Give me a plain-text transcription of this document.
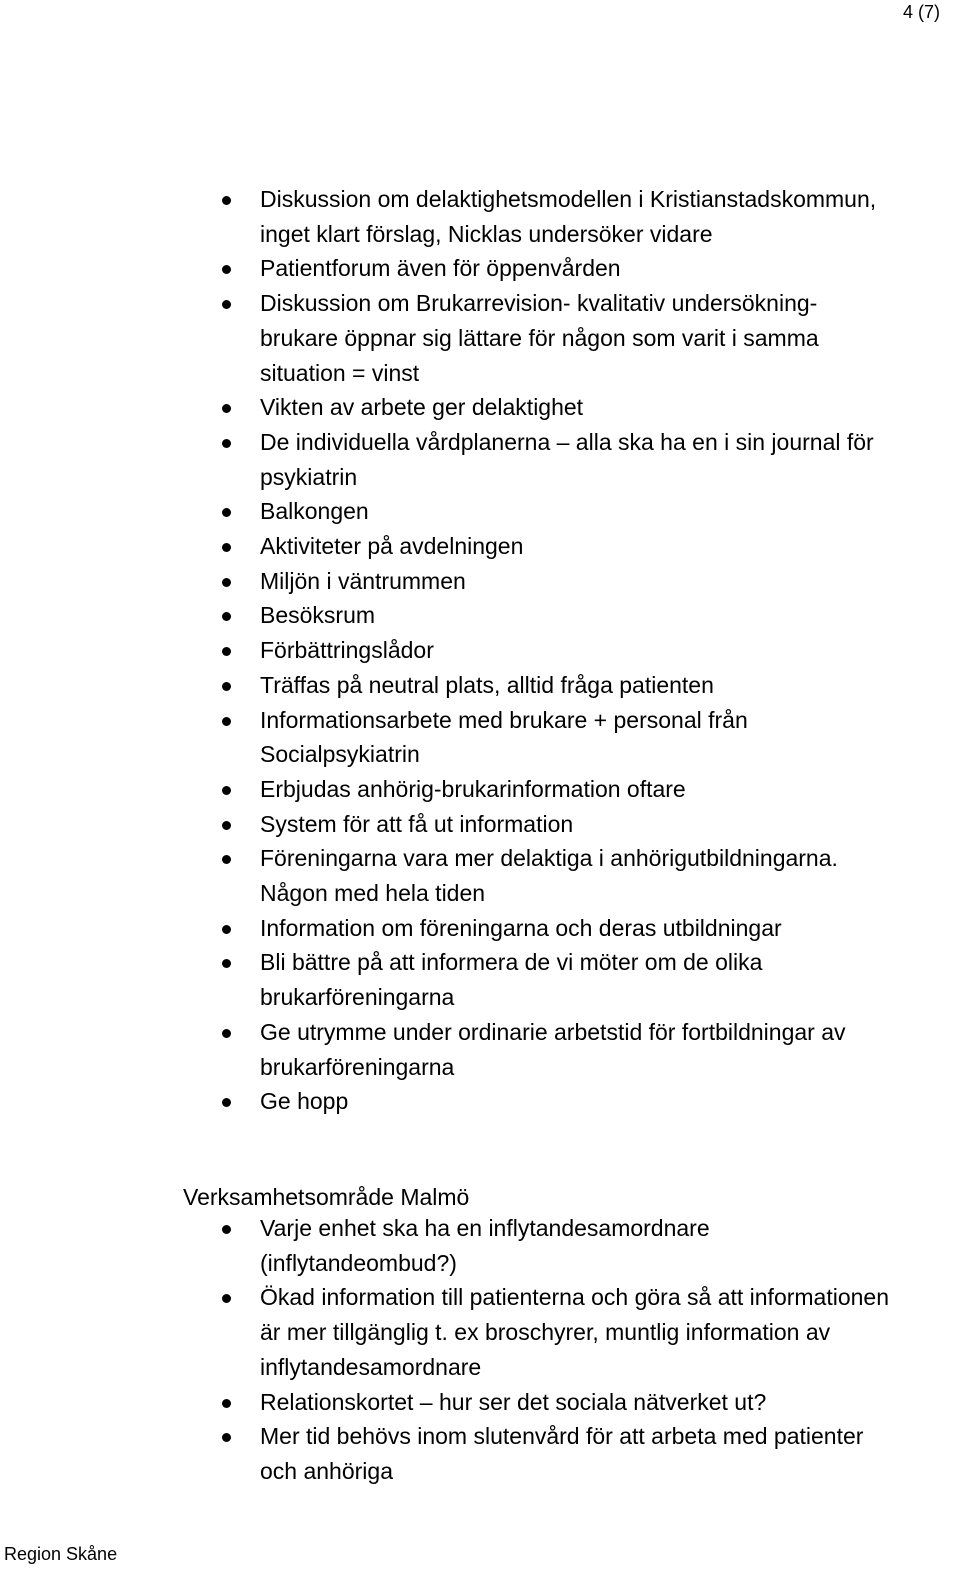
4 (7)
Diskussion om delaktighetsmodellen i Kristianstadskommun,
inget klart förslag, Nicklas undersöker vidare
Patientforum även för öppenvården
Diskussion om Brukarrevision- kvalitativ undersökning-
brukare öppnar sig lättare för någon som varit i samma
situation = vinst
Vikten av arbete ger delaktighet
De individuella vårdplanerna – alla ska ha en i sin journal för
psykiatrin
Balkongen
Aktiviteter på avdelningen
Miljön i väntrummen
Besöksrum
Förbättringslådor
Träffas på neutral plats, alltid fråga patienten
Informationsarbete med brukare + personal från
Socialpsykiatrin
Erbjudas anhörig-brukarinformation oftare
System för att få ut information
Föreningarna vara mer delaktiga i anhörigutbildningarna.
Någon med hela tiden
Information om föreningarna och deras utbildningar
Bli bättre på att informera de vi möter om de olika
brukarföreningarna
Ge utrymme under ordinarie arbetstid för fortbildningar av
brukarföreningarna
Ge hopp
Verksamhetsområde Malmö
Varje enhet ska ha en inflytandesamordnare
(inflytandeombud?)
Ökad information till patienterna och göra så att informationen
är mer tillgänglig t. ex broschyrer, muntlig information av
inflytandesamordnare
Relationskortet – hur ser det sociala nätverket ut?
Mer tid behövs inom slutenvård för att arbeta med patienter
och anhöriga
Region Skåne
